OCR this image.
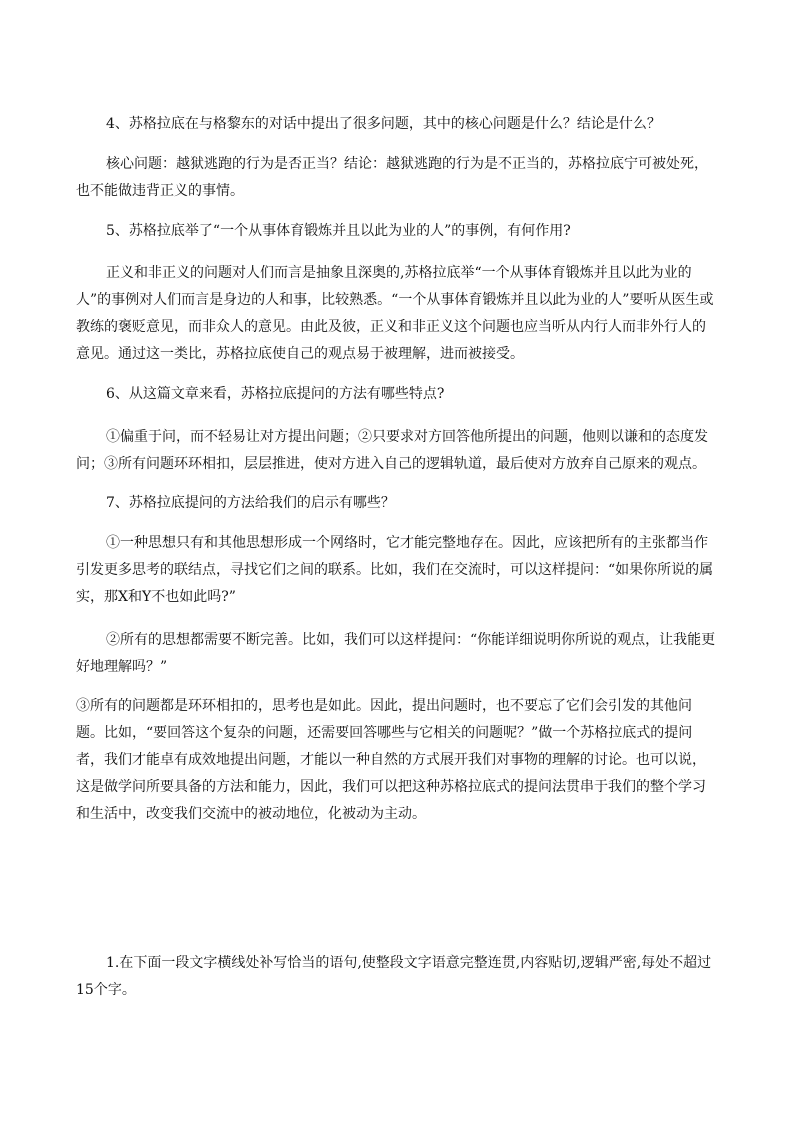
4、苏格拉底在与格黎东的对话中提出了很多问题，其中的核心问题是什么？结论是什么？

核心问题：越狱逃跑的行为是否正当？结论：越狱逃跑的行为是不正当的，苏格拉底宁可被处死，也不能做违背正义的事情。

5、苏格拉底举了“一个从事体育锻炼并且以此为业的人”的事例，有何作用?

正义和非正义的问题对人们而言是抽象且深奥的,苏格拉底举“一个从事体育锻炼并且以此为业的人”的事例对人们而言是身边的人和事，比较熟悉。“一个从事体育锻炼并且以此为业的人”要听从医生或教练的褒贬意见，而非众人的意见。由此及彼，正义和非正义这个问题也应当听从内行人而非外行人的意见。通过这一类比，苏格拉底使自己的观点易于被理解，进而被接受。

6、从这篇文章来看，苏格拉底提问的方法有哪些特点?

①偏重于问，而不轻易让对方提出问题；②只要求对方回答他所提出的问题，他则以谦和的态度发问；③所有问题环环相扣，层层推进，使对方进入自己的逻辑轨道，最后使对方放弃自己原来的观点。

7、苏格拉底提问的方法给我们的启示有哪些？

①一种思想只有和其他思想形成一个网络时，它才能完整地存在。因此，应该把所有的主张都当作引发更多思考的联结点，寻找它们之间的联系。比如，我们在交流时，可以这样提问：“如果你所说的属实，那X和Y不也如此吗?”

②所有的思想都需要不断完善。比如，我们可以这样提问：“你能详细说明你所说的观点，让我能更好地理解吗？”

③所有的问题都是环环相扣的，思考也是如此。因此，提出问题时，也不要忘了它们会引发的其他问题。比如，“要回答这个复杂的问题，还需要回答哪些与它相关的问题呢？”做一个苏格拉底式的提问者，我们才能卓有成效地提出问题，才能以一种自然的方式展开我们对事物的理解的讨论。也可以说，这是做学问所要具备的方法和能力，因此，我们可以把这种苏格拉底式的提问法贯串于我们的整个学习和生活中，改变我们交流中的被动地位，化被动为主动。

1.在下面一段文字横线处补写恰当的语句,使整段文字语意完整连贯,内容贴切,逻辑严密,每处不超过15个字。
